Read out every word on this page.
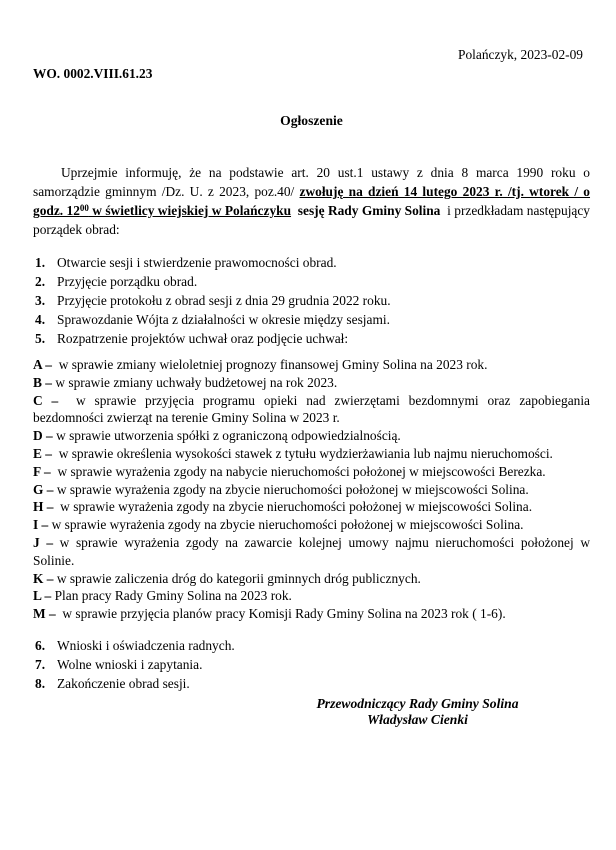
Polańczyk, 2023-02-09
WO. 0002.VIII.61.23
Ogłoszenie

Uprzejmie informuję, że na podstawie art. 20 ust.1 ustawy z dnia 8 marca 1990 roku o samorządzie gminnym /Dz. U. z 2023, poz.40/ zwołuję na dzień 14 lutego 2023 r. /tj. wtorek / o godz. $12^{00}$ w świetlicy wiejskiej w Polańczyku  sesję Rady Gminy Solina  i przedkładam następujący porządek obrad:

1. Otwarcie sesji i stwierdzenie prawomocności obrad.
2. Przyjęcie porządku obrad.
3. Przyjęcie protokołu z obrad sesji z dnia 29 grudnia 2022 roku.
4. Sprawozdanie Wójta z działalności w okresie między sesjami.
5. Rozpatrzenie projektów uchwał oraz podjęcie uchwał:

A –  w sprawie zmiany wieloletniej prognozy finansowej Gminy Solina na 2023 rok.

B – w sprawie zmiany uchwały budżetowej na rok 2023.

C –  w sprawie przyjęcia programu opieki nad zwierzętami bezdomnymi oraz zapobiegania bezdomności zwierząt na terenie Gminy Solina w 2023 r.

D – w sprawie utworzenia spółki z ograniczoną odpowiedzialnością.

E –  w sprawie określenia wysokości stawek z tytułu wydzierżawiania lub najmu nieruchomości.

F –  w sprawie wyrażenia zgody na nabycie nieruchomości położonej w miejscowości Berezka.

G – w sprawie wyrażenia zgody na zbycie nieruchomości położonej w miejscowości Solina.

H –  w sprawie wyrażenia zgody na zbycie nieruchomości położonej w miejscowości Solina.

I – w sprawie wyrażenia zgody na zbycie nieruchomości położonej w miejscowości Solina.

J – w sprawie wyrażenia zgody na zawarcie kolejnej umowy najmu nieruchomości położonej w Solinie.

K – w sprawie zaliczenia dróg do kategorii gminnych dróg publicznych.

L – Plan pracy Rady Gminy Solina na 2023 rok.

M –  w sprawie przyjęcia planów pracy Komisji Rady Gminy Solina na 2023 rok ( 1-6).

6. Wnioski i oświadczenia radnych.
7. Wolne wnioski i zapytania.
8. Zakończenie obrad sesji.
Przewodniczący Rady Gminy Solina
Władysław Cienki
